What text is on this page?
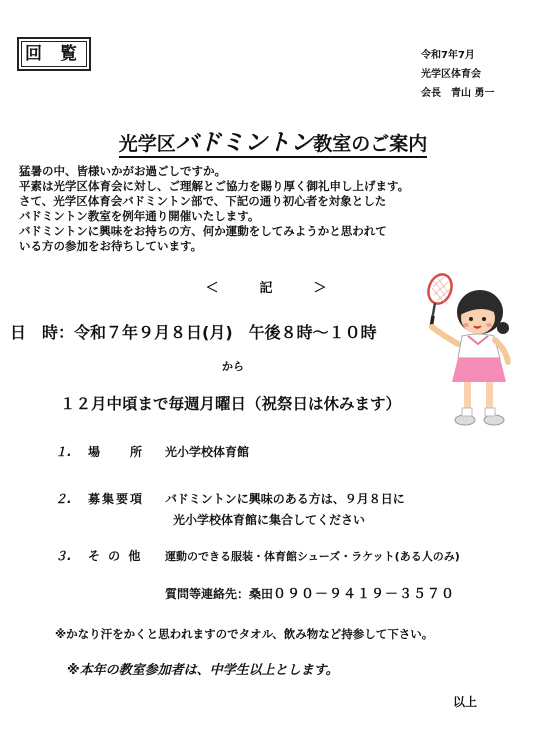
回 覧	令和7年7月
光学区体育会
会長　青山 勇一
光学区バドミントン教室のご案内
猛暑の中、皆様いかがお過ごしですか。
平素は光学区体育会に対し、ご理解とご協力を賜り厚く御礼申し上げます。
さて、光学区体育会バドミントン部で、下記の通り初心者を対象とした
バドミントン教室を例年通り開催いたします。
バドミントンに興味をお持ちの方、何か運動をしてみようかと思われて
いる方の参加をお待ちしています。
＜　記　＞
日　時：令和７年９月８日(月)　午後８時～１０時
から
１２月中頃まで毎週月曜日（祝祭日は休みます）
１. 場　　所 光小学校体育館
２. 募集要項 バドミントンに興味のある方は、９月８日に
光小学校体育館に集合してください
３. そ の 他 運動のできる服装・体育館シューズ・ラケット(ある人のみ)
質問等連絡先：桑田０９０－９４１９－３５７０
※かなり汗をかくと思われますのでタオル、飲み物など持参して下さい。
※本年の教室参加者は、中学生以上とします。
以上
